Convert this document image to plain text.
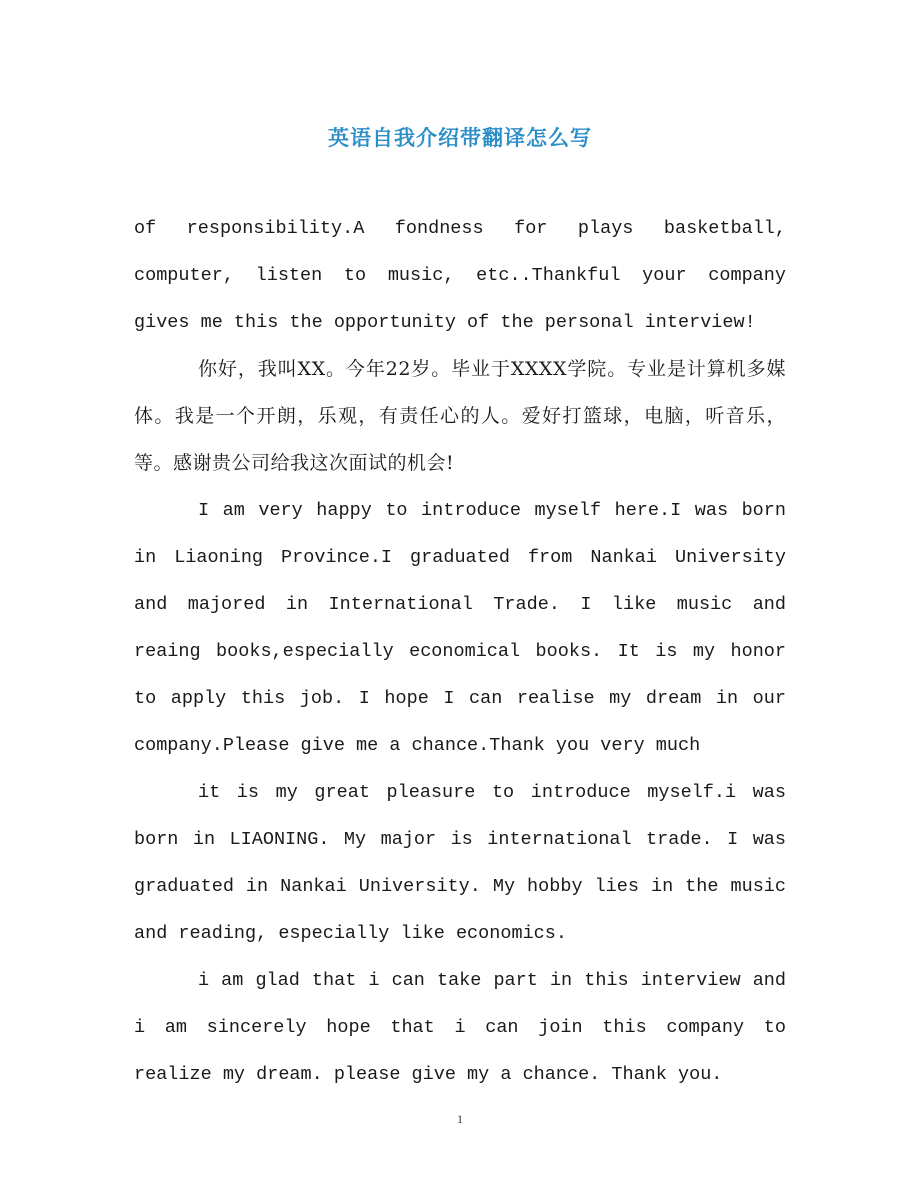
英语自我介绍带翻译怎么写

of responsibility.A fondness for plays basketball, computer, listen to music, etc..Thankful your company gives me this the opportunity of the personal interview!

你好，我叫XX。今年22岁。毕业于XXXX学院。专业是计算机多媒体。我是一个开朗，乐观，有责任心的人。爱好打篮球，电脑，听音乐，等。感谢贵公司给我这次面试的机会!

I am very happy to introduce myself here.I was born in Liaoning Province.I graduated from Nankai University and majored in International Trade. I like music and reaing books,especially economical books. It is my honor to apply this job. I hope I can realise my dream in our company.Please give me a chance.Thank you very much

it is my great pleasure to introduce myself.i was born in LIAONING. My major is international trade. I was graduated in Nankai University. My hobby lies in the music and reading, especially like economics.

i am glad that i can take part in this interview and i am sincerely hope that i can join this company to realize my dream. please give my a chance. Thank you.

1
